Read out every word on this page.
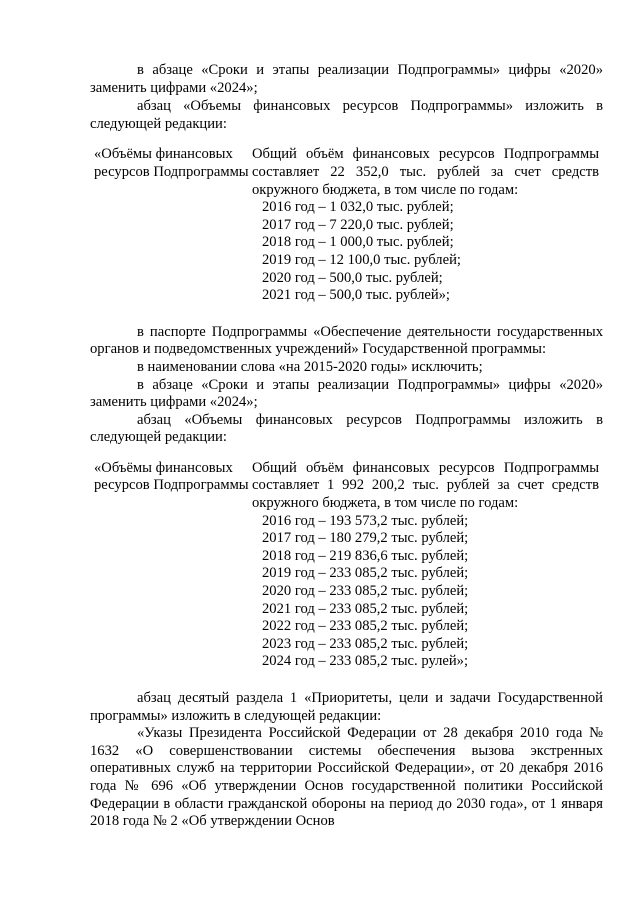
в абзаце «Сроки и этапы реализации Подпрограммы» цифры «2020» заменить цифрами «2024»;

абзац «Объемы финансовых ресурсов Подпрограммы» изложить в следующей редакции:

«Объёмы финансовых ресурсов Подпрограммы
Общий объём финансовых ресурсов Подпрограммы составляет 22 352,0 тыс. рублей за счет средств окружного бюджета, в том числе по годам:
2016 год – 1 032,0 тыс. рублей;
2017 год – 7 220,0 тыс. рублей;
2018 год – 1 000,0 тыс. рублей;
2019 год – 12 100,0 тыс. рублей;
2020 год – 500,0 тыс. рублей;
2021 год – 500,0 тыс. рублей»;

в паспорте Подпрограммы «Обеспечение деятельности государственных органов и подведомственных учреждений» Государственной программы:

в наименовании слова «на 2015-2020 годы» исключить;

в абзаце «Сроки и этапы реализации Подпрограммы» цифры «2020» заменить цифрами «2024»;

абзац «Объемы финансовых ресурсов Подпрограммы изложить в следующей редакции:

«Объёмы финансовых ресурсов Подпрограммы
Общий объём финансовых ресурсов Подпрограммы составляет 1 992 200,2 тыс. рублей за счет средств окружного бюджета, в том числе по годам:
2016 год – 193 573,2 тыс. рублей;
2017 год – 180 279,2 тыс. рублей;
2018 год – 219 836,6 тыс. рублей;
2019 год – 233 085,2 тыс. рублей;
2020 год – 233 085,2 тыс. рублей;
2021 год – 233 085,2 тыс. рублей;
2022 год – 233 085,2 тыс. рублей;
2023 год – 233 085,2 тыс. рублей;
2024 год – 233 085,2 тыс. рулей»;

абзац десятый раздела 1 «Приоритеты, цели и задачи Государственной программы» изложить в следующей редакции:

«Указы Президента Российской Федерации от 28 декабря 2010 года № 1632 «О совершенствовании системы обеспечения вызова экстренных оперативных служб на территории Российской Федерации», от 20 декабря 2016 года № 696 «Об утверждении Основ государственной политики Российской Федерации в области гражданской обороны на период до 2030 года», от 1 января 2018 года № 2 «Об утверждении Основ
